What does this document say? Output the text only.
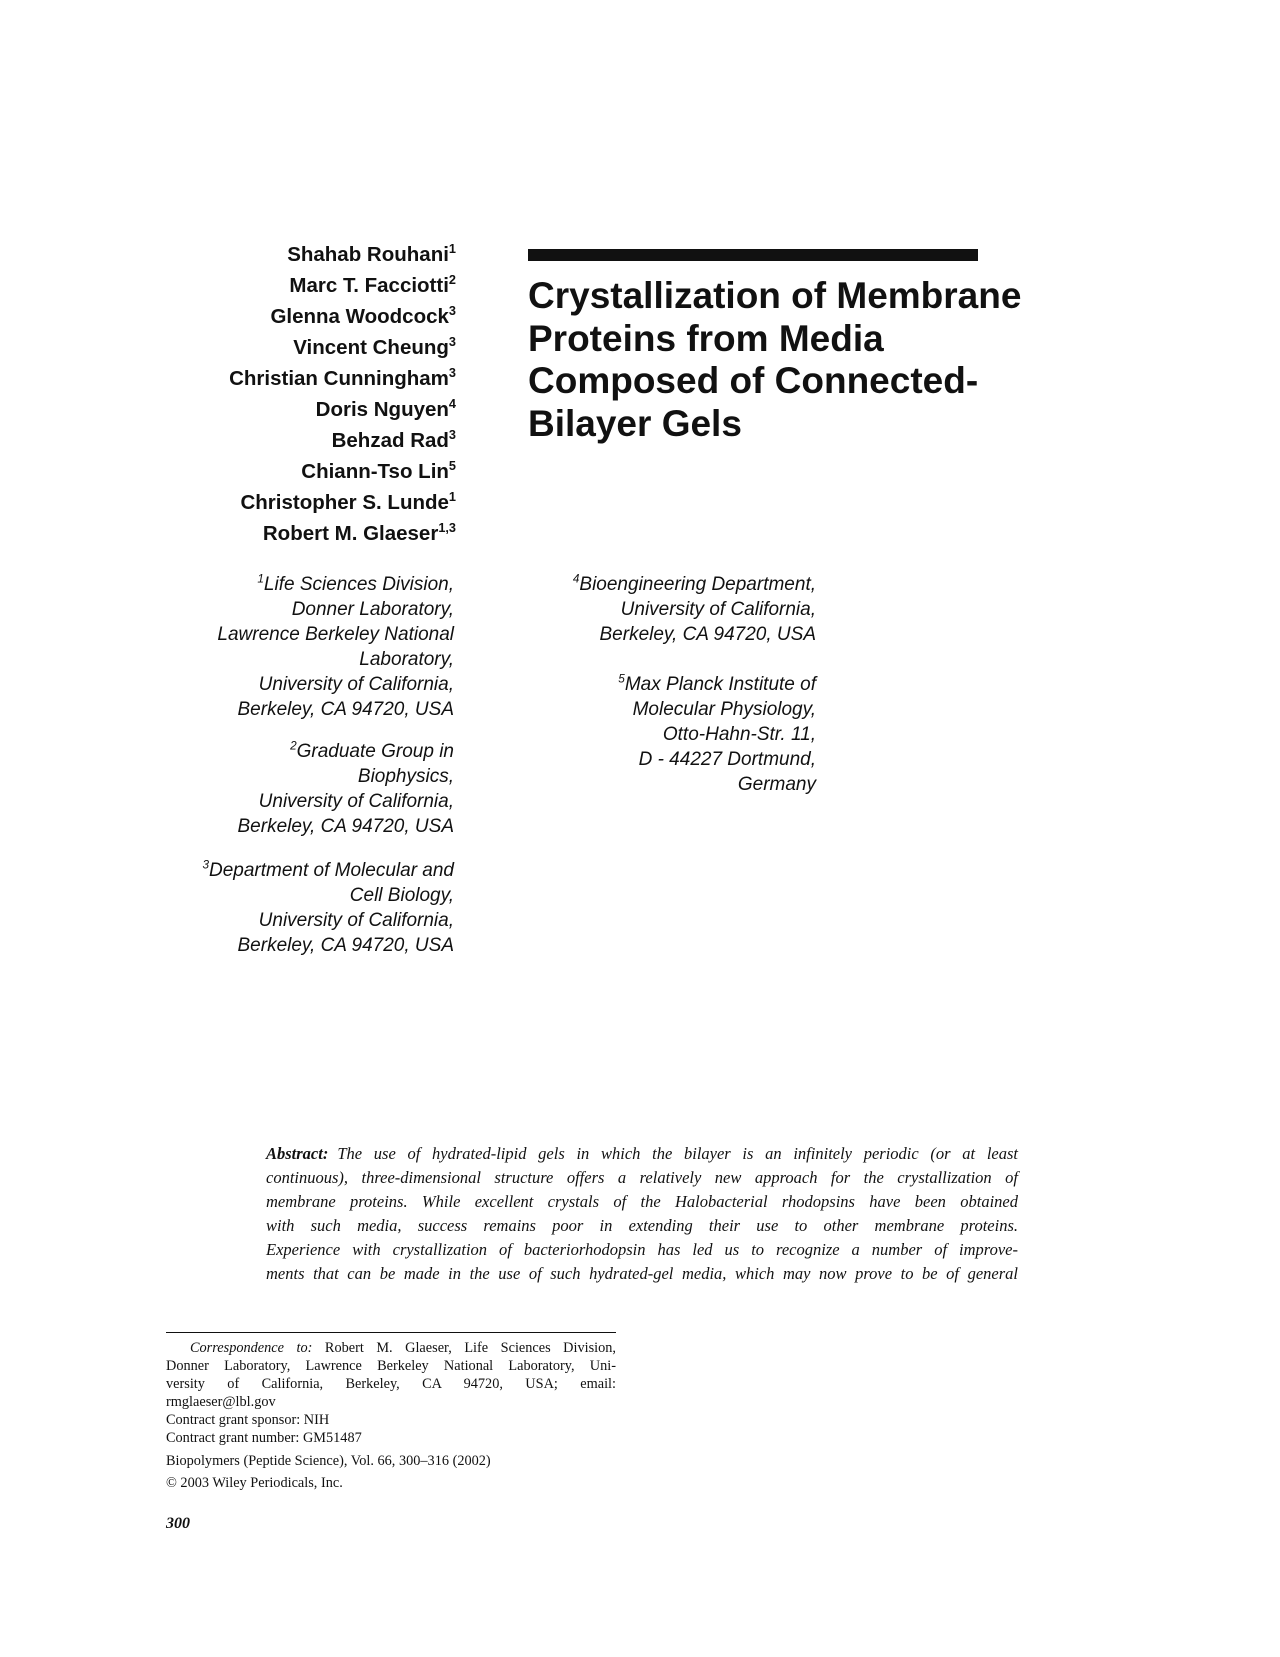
Shahab Rouhani$^1$
Marc T. Facciotti$^2$
Glenna Woodcock$^3$
Vincent Cheung$^3$
Christian Cunningham$^3$
Doris Nguyen$^4$
Behzad Rad$^3$
Chiann-Tso Lin$^5$
Christopher S. Lunde$^1$
Robert M. Glaeser$^{1,3}$
Crystallization of Membrane
Proteins from Media
Composed of Connected-
Bilayer Gels
$^1$Life Sciences Division,
Donner Laboratory,
Lawrence Berkeley National
Laboratory,
University of California,
Berkeley, CA 94720, USA
$^2$Graduate Group in
Biophysics,
University of California,
Berkeley, CA 94720, USA
$^3$Department of Molecular and
Cell Biology,
University of California,
Berkeley, CA 94720, USA
$^4$Bioengineering Department,
University of California,
Berkeley, CA 94720, USA
$^5$Max Planck Institute of
Molecular Physiology,
Otto-Hahn-Str. 11,
D - 44227 Dortmund,
Germany
Abstract: The use of hydrated-lipid gels in which the bilayer is an infinitely periodic (or at least
continuous), three-dimensional structure offers a relatively new approach for the crystallization of
membrane proteins. While excellent crystals of the Halobacterial rhodopsins have been obtained
with such media, success remains poor in extending their use to other membrane proteins.
Experience with crystallization of bacteriorhodopsin has led us to recognize a number of improve-
ments that can be made in the use of such hydrated-gel media, which may now prove to be of general
Correspondence to: Robert M. Glaeser, Life Sciences Division,
Donner Laboratory, Lawrence Berkeley National Laboratory, Uni-
versity of California, Berkeley, CA 94720, USA; email:
rmglaeser@lbl.gov
Contract grant sponsor: NIH
Contract grant number: GM51487
Biopolymers (Peptide Science), Vol. 66, 300–316 (2002)
© 2003 Wiley Periodicals, Inc.
300
